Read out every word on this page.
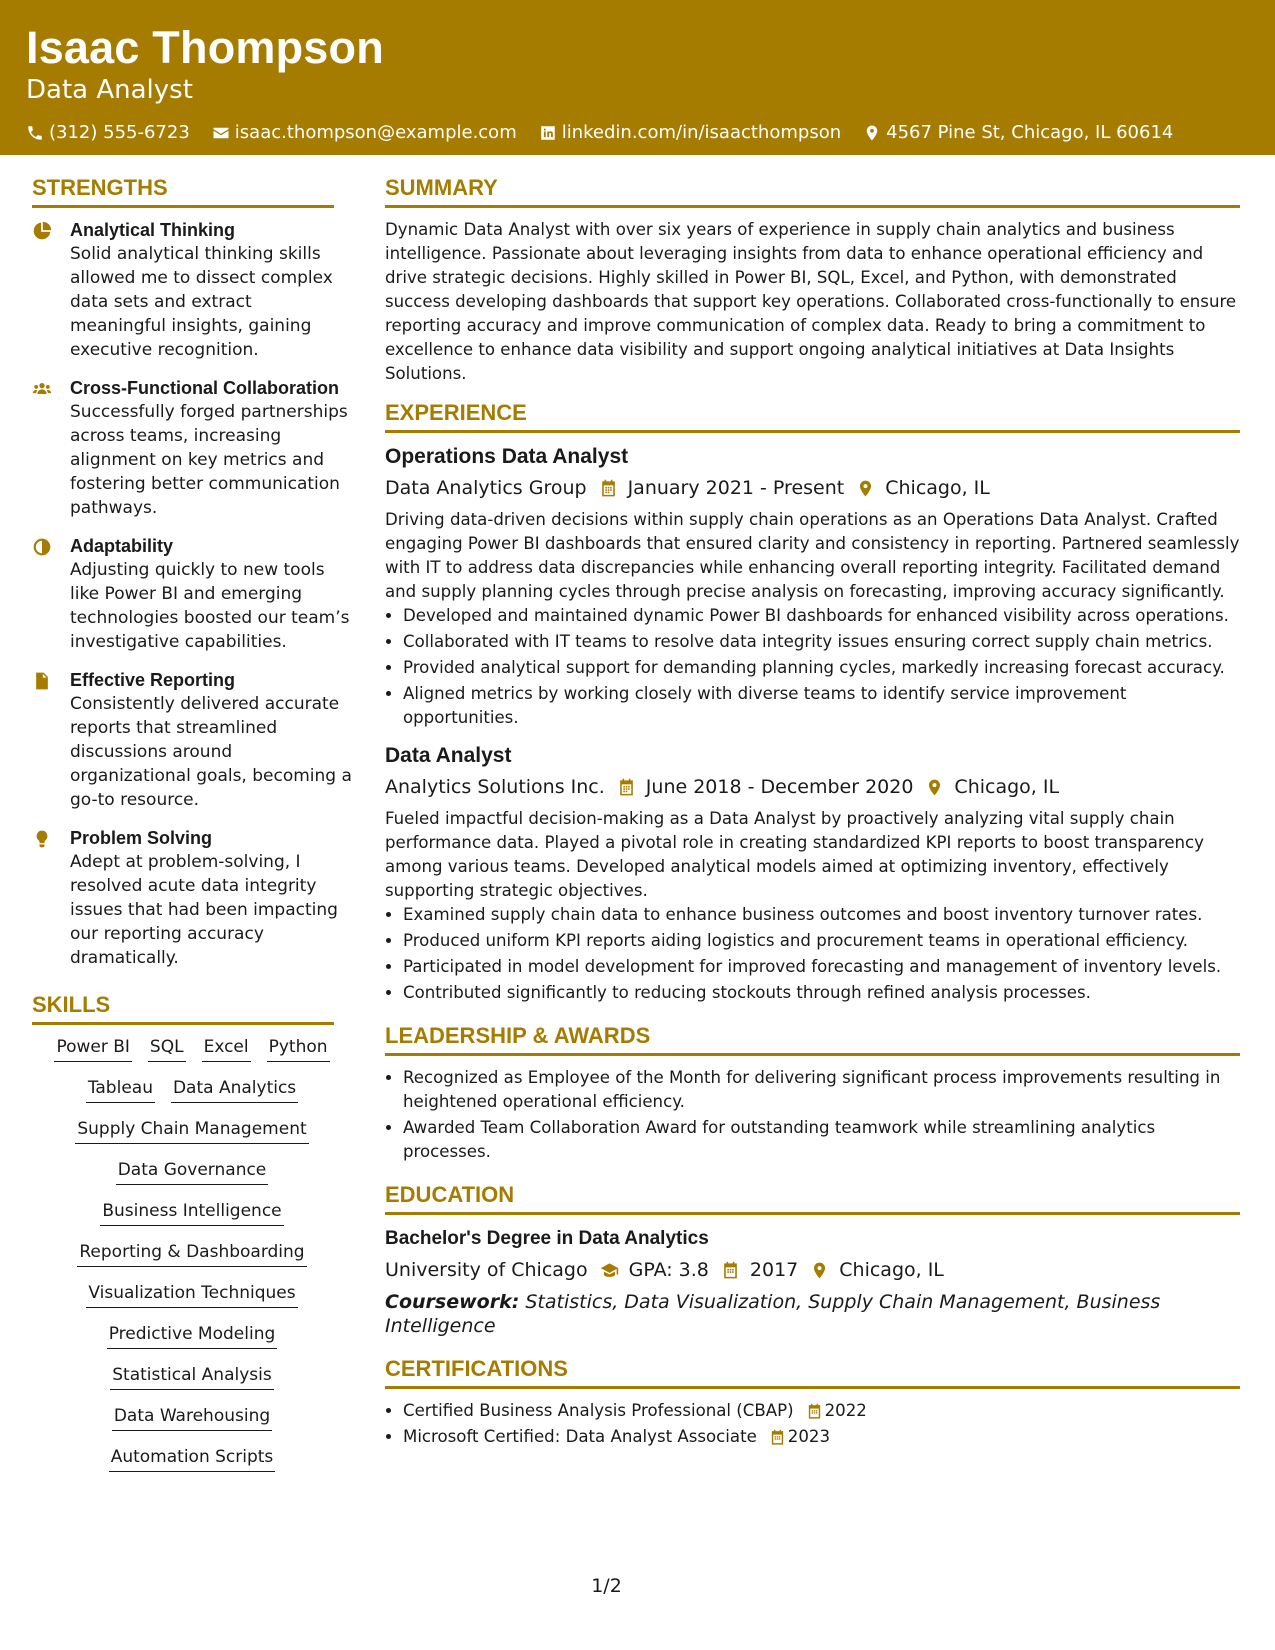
Isaac Thompson
Data Analyst
(312) 555-6723	isaac.thompson@example.com	linkedin.com/in/isaacthompson	4567 Pine St, Chicago, IL 60614
STRENGTHS
Analytical Thinking
Solid analytical thinking skills allowed me to dissect complex data sets and extract meaningful insights, gaining executive recognition.
Cross-Functional Collaboration
Successfully forged partnerships across teams, increasing alignment on key metrics and fostering better communication pathways.
Adaptability
Adjusting quickly to new tools like Power BI and emerging technologies boosted our team’s investigative capabilities.
Effective Reporting
Consistently delivered accurate reports that streamlined discussions around organizational goals, becoming a go-to resource.
Problem Solving
Adept at problem-solving, I resolved acute data integrity issues that had been impacting our reporting accuracy dramatically.
SKILLS
Power BI SQL Excel Python
Tableau Data Analytics
Supply Chain Management
Data Governance
Business Intelligence
Reporting & Dashboarding
Visualization Techniques
Predictive Modeling
Statistical Analysis
Data Warehousing
Automation Scripts
SUMMARY
Dynamic Data Analyst with over six years of experience in supply chain analytics and business intelligence. Passionate about leveraging insights from data to enhance operational efficiency and drive strategic decisions. Highly skilled in Power BI, SQL, Excel, and Python, with demonstrated success developing dashboards that support key operations. Collaborated cross-functionally to ensure reporting accuracy and improve communication of complex data. Ready to bring a commitment to excellence to enhance data visibility and support ongoing analytical initiatives at Data Insights Solutions.
EXPERIENCE
Operations Data Analyst
Data Analytics Group January 2021 - Present Chicago, IL
Driving data-driven decisions within supply chain operations as an Operations Data Analyst. Crafted engaging Power BI dashboards that ensured clarity and consistency in reporting. Partnered seamlessly with IT to address data discrepancies while enhancing overall reporting integrity. Facilitated demand and supply planning cycles through precise analysis on forecasting, improving accuracy significantly.
• Developed and maintained dynamic Power BI dashboards for enhanced visibility across operations.
• Collaborated with IT teams to resolve data integrity issues ensuring correct supply chain metrics.
• Provided analytical support for demanding planning cycles, markedly increasing forecast accuracy.
• Aligned metrics by working closely with diverse teams to identify service improvement opportunities.
Data Analyst
Analytics Solutions Inc. June 2018 - December 2020 Chicago, IL
Fueled impactful decision-making as a Data Analyst by proactively analyzing vital supply chain performance data. Played a pivotal role in creating standardized KPI reports to boost transparency among various teams. Developed analytical models aimed at optimizing inventory, effectively supporting strategic objectives.
• Examined supply chain data to enhance business outcomes and boost inventory turnover rates.
• Produced uniform KPI reports aiding logistics and procurement teams in operational efficiency.
• Participated in model development for improved forecasting and management of inventory levels.
• Contributed significantly to reducing stockouts through refined analysis processes.
LEADERSHIP & AWARDS
• Recognized as Employee of the Month for delivering significant process improvements resulting in heightened operational efficiency.
• Awarded Team Collaboration Award for outstanding teamwork while streamlining analytics processes.
EDUCATION
Bachelor's Degree in Data Analytics
University of Chicago GPA: 3.8 2017 Chicago, IL
Coursework: Statistics, Data Visualization, Supply Chain Management, Business Intelligence
CERTIFICATIONS
• Certified Business Analysis Professional (CBAP) 2022
• Microsoft Certified: Data Analyst Associate 2023
1/2
